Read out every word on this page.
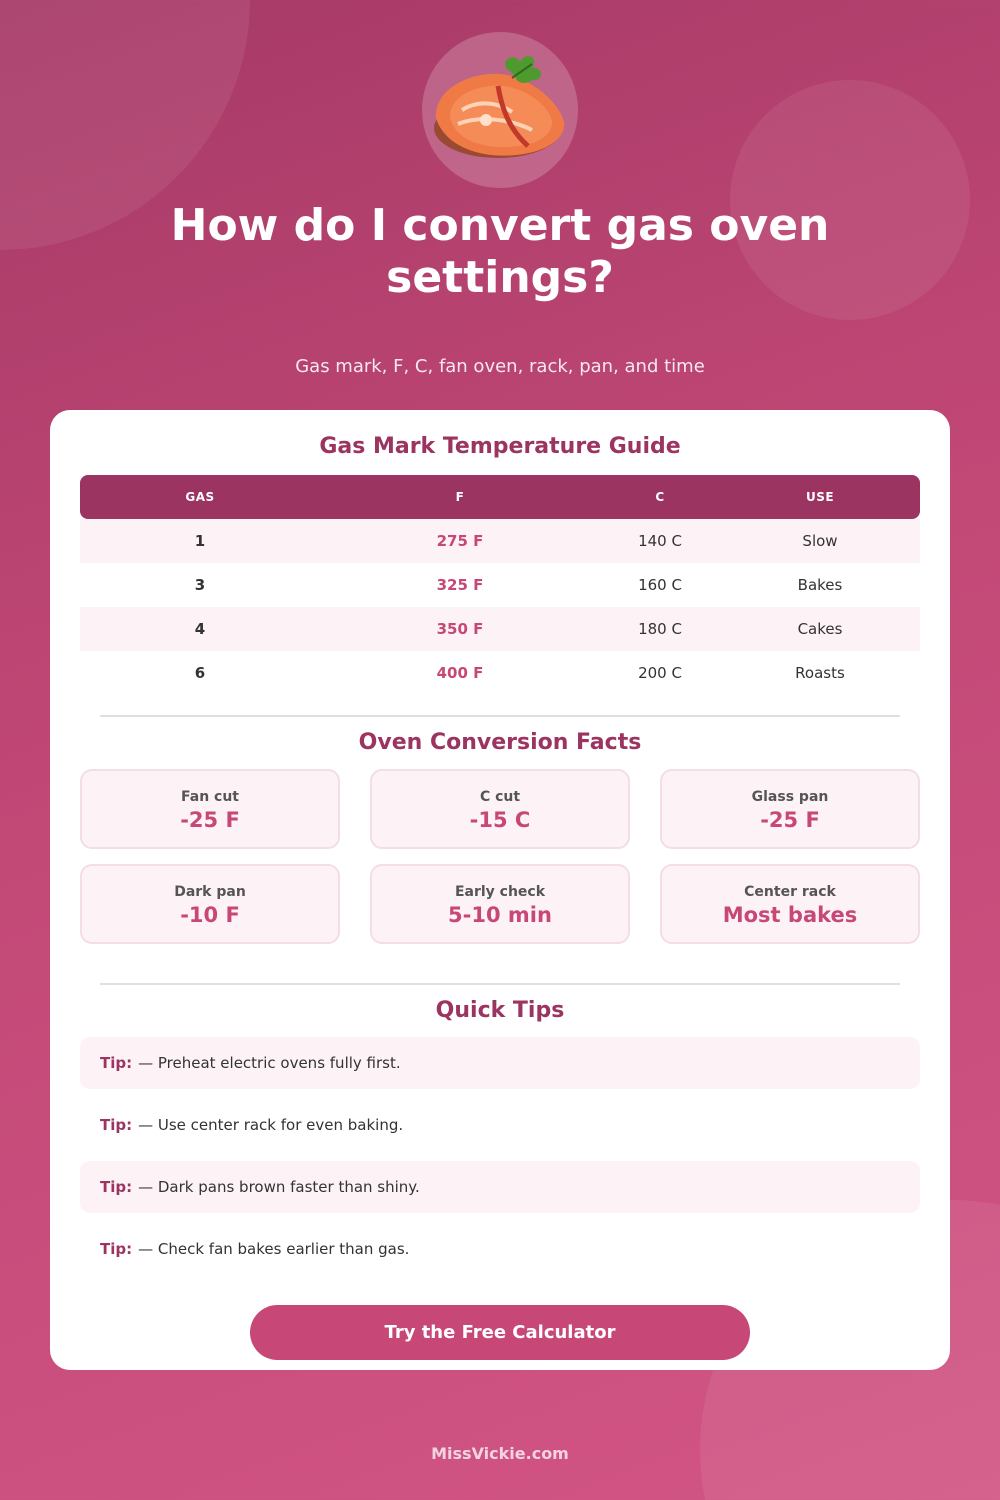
How do I convert gas oven settings?
Gas mark, F, C, fan oven, rack, pan, and time
Gas Mark Temperature Guide
GAS	F	C	USE
1	275 F	140 C	Slow
3	325 F	160 C	Bakes
4	350 F	180 C	Cakes
6	400 F	200 C	Roasts
Oven Conversion Facts
Fan cut
-25 F
C cut
-15 C
Glass pan
-25 F
Dark pan
-10 F
Early check
5-10 min
Center rack
Most bakes
Quick Tips
Tip: — Preheat electric ovens fully first.
Tip: — Use center rack for even baking.
Tip: — Dark pans brown faster than shiny.
Tip: — Check fan bakes earlier than gas.
Try the Free Calculator
MissVickie.com
